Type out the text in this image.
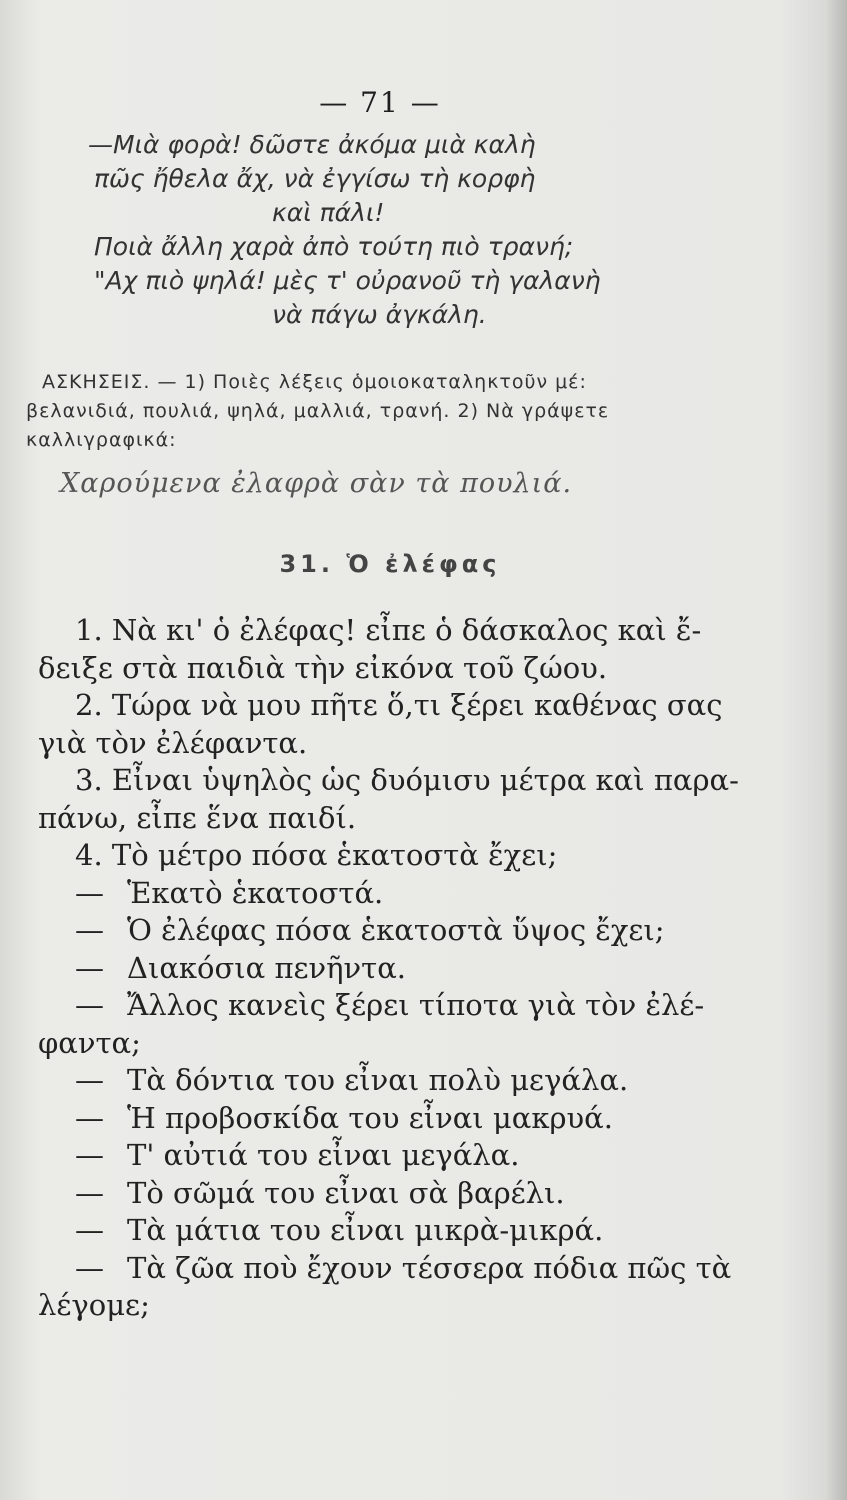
— 71 —
—Μιὰ φορὰ! δῶστε ἀκόμα μιὰ καλὴ
πῶς ἤθελα ἄχ, νὰ ἐγγίσω τὴ κορφὴ
καὶ πάλι!
Ποιὰ ἄλλη χαρὰ ἀπὸ τούτη πιὸ τρανή;
"Αχ πιὸ ψηλά! μὲς τ' οὐρανοῦ τὴ γαλανὴ
νὰ πάγω ἀγκάλη.
ΑΣΚΗΣΕΙΣ. — 1) Ποιὲς λέξεις ὁμοιοκαταληκτοῦν μέ:
βελανιδιά, πουλιά, ψηλά, μαλλιά, τρανή. 2) Νὰ γράψετε
καλλιγραφικά:
Χαρούμενα ἐλαφρὰ σὰν τὰ πουλιά.
31. Ὁ ἐλέφας
1. Νὰ κι' ὁ ἐλέφας! εἶπε ὁ δάσκαλος καὶ ἔ-
δειξε στὰ παιδιὰ τὴν εἰκόνα τοῦ ζώου.
2. Τώρα νὰ μου πῆτε ὅ,τι ξέρει καθένας σας
γιὰ τὸν ἐλέφαντα.
3. Εἶναι ὑψηλὸς ὡς δυόμισυ μέτρα καὶ παρα-
πάνω, εἶπε ἕνα παιδί.
4. Τὸ μέτρο πόσα ἑκατοστὰ ἔχει;
— Ἑκατὸ ἑκατοστά.
— Ὁ ἐλέφας πόσα ἑκατοστὰ ὕψος ἔχει;
— Διακόσια πενῆντα.
— Ἄλλος κανεὶς ξέρει τίποτα γιὰ τὸν ἐλέ-
φαντα;
— Τὰ δόντια του εἶναι πολὺ μεγάλα.
— Ἡ προβοσκίδα του εἶναι μακρυά.
— Τ' αὐτιά του εἶναι μεγάλα.
— Τὸ σῶμά του εἶναι σὰ βαρέλι.
— Τὰ μάτια του εἶναι μικρὰ-μικρά.
— Τὰ ζῶα ποὺ ἔχουν τέσσερα πόδια πῶς τὰ
λέγομε;
